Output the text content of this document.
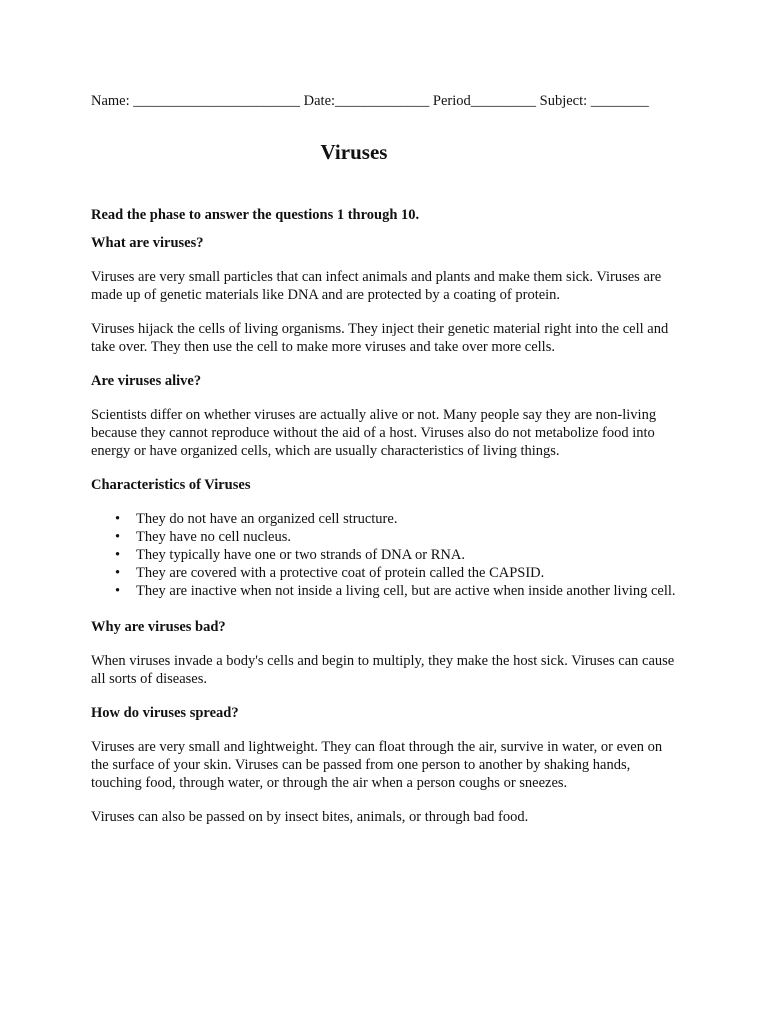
Name: _______________________ Date:_____________ Period_________ Subject: ________
Viruses

Read the phase to answer the questions 1 through 10.

What are viruses?

Viruses are very small particles that can infect animals and plants and make them sick. Viruses are made up of genetic materials like DNA and are protected by a coating of protein.

Viruses hijack the cells of living organisms. They inject their genetic material right into the cell and take over. They then use the cell to make more viruses and take over more cells.

Are viruses alive?

Scientists differ on whether viruses are actually alive or not. Many people say they are non-living because they cannot reproduce without the aid of a host. Viruses also do not metabolize food into energy or have organized cells, which are usually characteristics of living things.

Characteristics of Viruses
• They do not have an organized cell structure.
• They have no cell nucleus.
• They typically have one or two strands of DNA or RNA.
• They are covered with a protective coat of protein called the CAPSID.
• They are inactive when not inside a living cell, but are active when inside another living cell.
Why are viruses bad?

When viruses invade a body's cells and begin to multiply, they make the host sick. Viruses can cause all sorts of diseases.

How do viruses spread?

Viruses are very small and lightweight. They can float through the air, survive in water, or even on the surface of your skin. Viruses can be passed from one person to another by shaking hands, touching food, through water, or through the air when a person coughs or sneezes.

Viruses can also be passed on by insect bites, animals, or through bad food.
